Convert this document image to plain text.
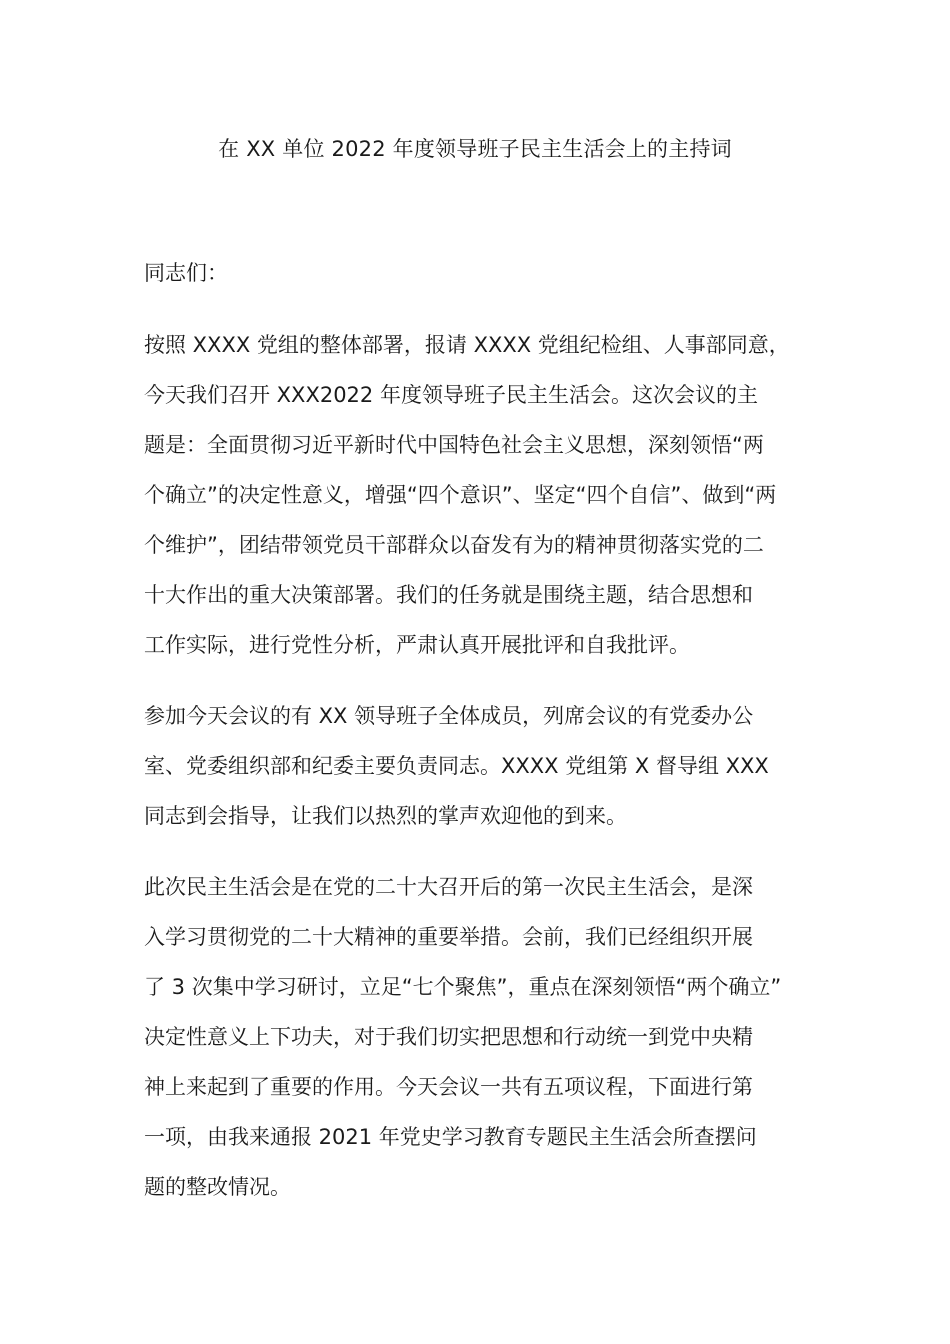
在 XX 单位 2022 年度领导班子民主生活会上的主持词

同志们：

按照 XXXX 党组的整体部署，报请 XXXX 党组纪检组、人事部同意，
今天我们召开 XXX2022 年度领导班子民主生活会。这次会议的主
题是：全面贯彻习近平新时代中国特色社会主义思想，深刻领悟“两
个确立”的决定性意义，增强“四个意识”、坚定“四个自信”、做到“两
个维护”，团结带领党员干部群众以奋发有为的精神贯彻落实党的二
十大作出的重大决策部署。我们的任务就是围绕主题，结合思想和
工作实际，进行党性分析，严肃认真开展批评和自我批评。
参加今天会议的有 XX 领导班子全体成员，列席会议的有党委办公
室、党委组织部和纪委主要负责同志。XXXX 党组第 X 督导组 XXX
同志到会指导，让我们以热烈的掌声欢迎他的到来。
此次民主生活会是在党的二十大召开后的第一次民主生活会，是深
入学习贯彻党的二十大精神的重要举措。会前，我们已经组织开展
了 3 次集中学习研讨，立足“七个聚焦”，重点在深刻领悟“两个确立”
决定性意义上下功夫，对于我们切实把思想和行动统一到党中央精
神上来起到了重要的作用。今天会议一共有五项议程，下面进行第
一项，由我来通报 2021 年党史学习教育专题民主生活会所查摆问
题的整改情况。
